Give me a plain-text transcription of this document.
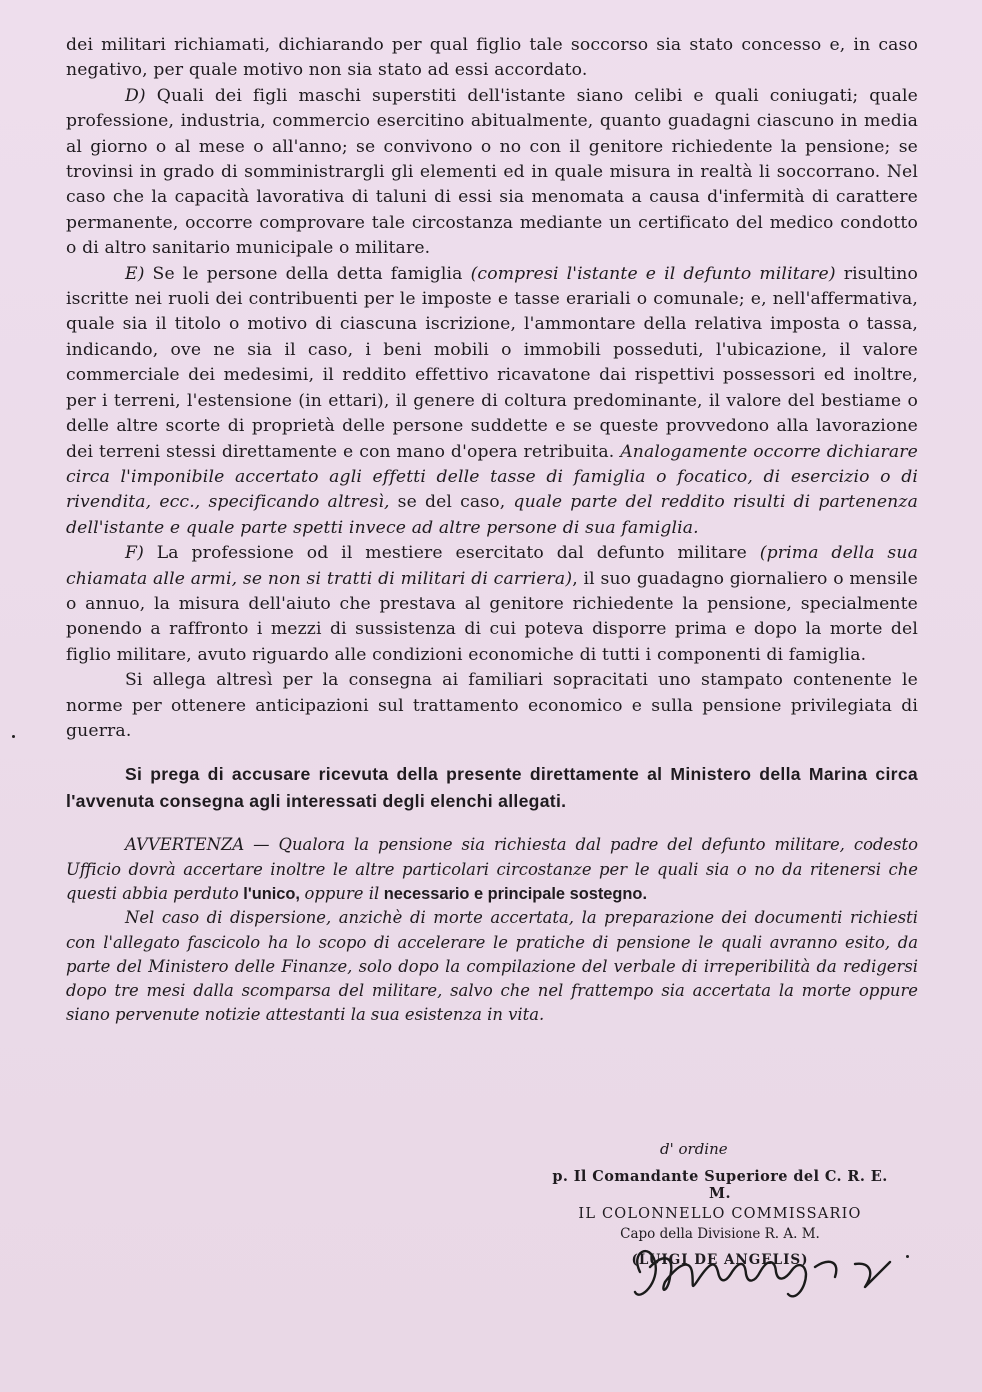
dei militari richiamati, dichiarando per qual figlio tale soccorso sia stato concesso e, in caso negativo, per quale motivo non sia stato ad essi accordato.

D) Quali dei figli maschi superstiti dell'istante siano celibi e quali coniugati; quale professione, industria, commercio esercitino abitualmente, quanto guadagni ciascuno in media al giorno o al mese o all'anno; se convivono o no con il genitore richiedente la pensione; se trovinsi in grado di somministrargli gli elementi ed in quale misura in realtà li soccorrano. Nel caso che la capacità lavorativa di taluni di essi sia menomata a causa d'infermità di carattere permanente, occorre comprovare tale circostanza mediante un certificato del medico condotto o di altro sanitario municipale o militare.

E) Se le persone della detta famiglia (compresi l'istante e il defunto militare) risultino iscritte nei ruoli dei contribuenti per le imposte e tasse erariali o comunale; e, nell'affermativa, quale sia il titolo o motivo di ciascuna iscrizione, l'ammontare della relativa imposta o tassa, indicando, ove ne sia il caso, i beni mobili o immobili posseduti, l'ubicazione, il valore commerciale dei medesimi, il reddito effettivo ricavatone dai rispettivi possessori ed inoltre, per i terreni, l'estensione (in ettari), il genere di coltura predominante, il valore del bestiame o delle altre scorte di proprietà delle persone suddette e se queste provvedono alla lavorazione dei terreni stessi direttamente e con mano d'opera retribuita. Analogamente occorre dichiarare circa l'imponibile accertato agli effetti delle tasse di famiglia o focatico, di esercizio o di rivendita, ecc., specificando altresì, se del caso, quale parte del reddito risulti di partenenza dell'istante e quale parte spetti invece ad altre persone di sua famiglia.

F) La professione od il mestiere esercitato dal defunto militare (prima della sua chiamata alle armi, se non si tratti di militari di carriera), il suo guadagno giornaliero o mensile o annuo, la misura dell'aiuto che prestava al genitore richiedente la pensione, specialmente ponendo a raffronto i mezzi di sussistenza di cui poteva disporre prima e dopo la morte del figlio militare, avuto riguardo alle condizioni economiche di tutti i componenti di famiglia.

Si allega altresì per la consegna ai familiari sopracitati uno stampato contenente le norme per ottenere anticipazioni sul trattamento economico e sulla pensione privilegiata di guerra.

Si prega di accusare ricevuta della presente direttamente al Ministero della Marina circa l'avvenuta consegna agli interessati degli elenchi allegati.

AVVERTENZA — Qualora la pensione sia richiesta dal padre del defunto militare, codesto Ufficio dovrà accertare inoltre le altre particolari circostanze per le quali sia o no da ritenersi che questi abbia perduto l'unico, oppure il necessario e principale sostegno.

Nel caso di dispersione, anzichè di morte accertata, la preparazione dei documenti richiesti con l'allegato fascicolo ha lo scopo di accelerare le pratiche di pensione le quali avranno esito, da parte del Ministero delle Finanze, solo dopo la compilazione del verbale di irreperibilità da redigersi dopo tre mesi dalla scomparsa del militare, salvo che nel frattempo sia accertata la morte oppure siano pervenute notizie attestanti la sua esistenza in vita.

d' ordine
p. Il Comandante Superiore del C. R. E. M.
IL COLONNELLO COMMISSARIO
Capo della Divisione R. A. M.
(LUIGI DE ANGELIS)
